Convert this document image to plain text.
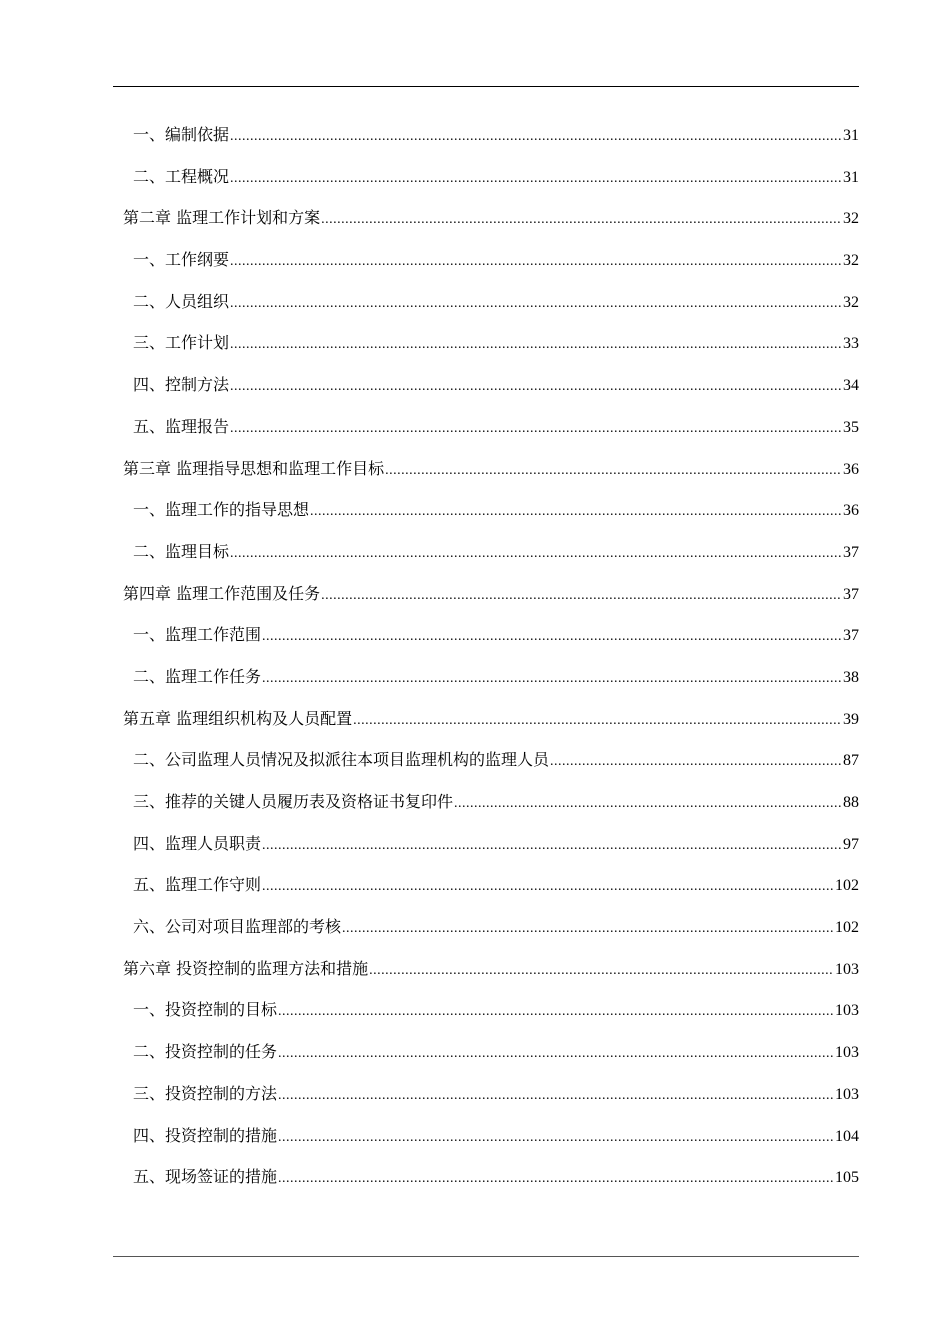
一、编制依据 .....	31
二、工程概况 .....	31
第二章 监理工作计划和方案 .....	32
一、工作纲要 .....	32
二、人员组织 .....	32
三、工作计划 .....	33
四、控制方法 .....	34
五、监理报告 .....	35
第三章 监理指导思想和监理工作目标 .....	36
一、监理工作的指导思想 .....	36
二、监理目标 .....	37
第四章 监理工作范围及任务 .....	37
一、监理工作范围 .....	37
二、监理工作任务 .....	38
第五章 监理组织机构及人员配置 .....	39
二、公司监理人员情况及拟派往本项目监理机构的监理人员 .....	87
三、推荐的关键人员履历表及资格证书复印件 .....	88
四、监理人员职责 .....	97
五、监理工作守则 .....	102
六、公司对项目监理部的考核 .....	102
第六章 投资控制的监理方法和措施 .....	103
一、投资控制的目标 .....	103
二、投资控制的任务 .....	103
三、投资控制的方法 .....	103
四、投资控制的措施 .....	104
五、现场签证的措施 .....	105
